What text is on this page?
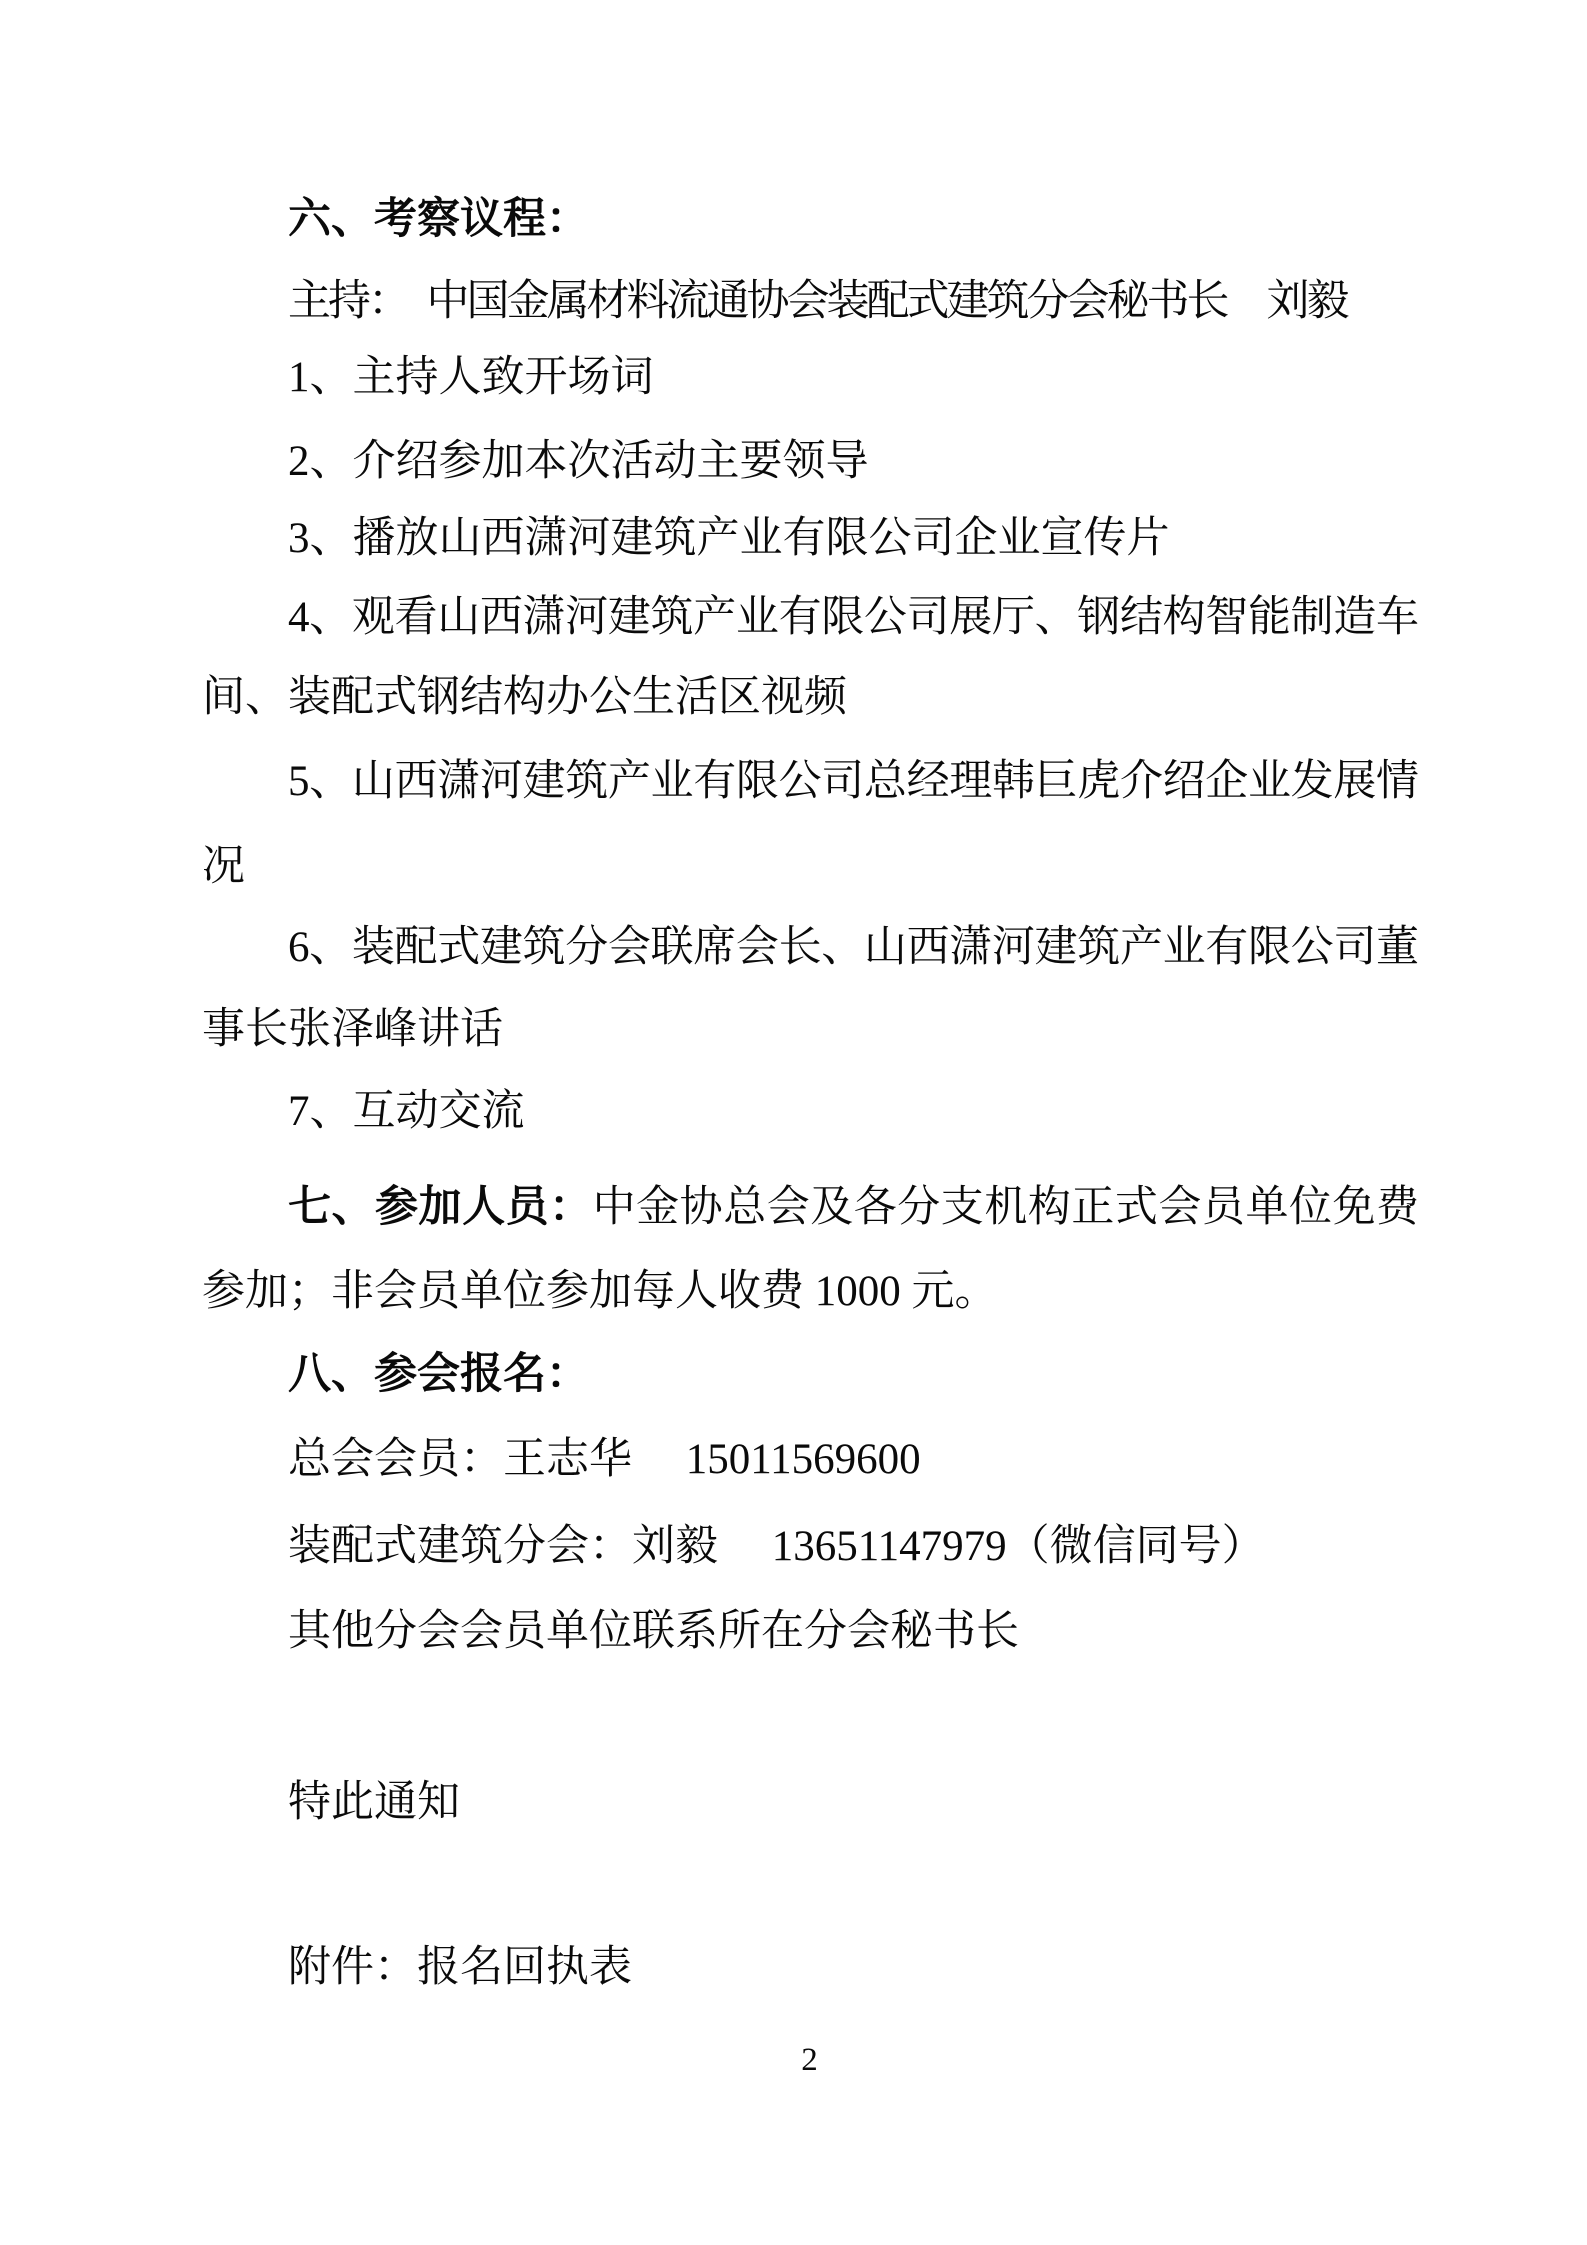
六、考察议程：
主持：　中国金属材料流通协会装配式建筑分会秘书长　刘毅
1、主持人致开场词
2、介绍参加本次活动主要领导
3、播放山西潇河建筑产业有限公司企业宣传片
4、观看山西潇河建筑产业有限公司展厅、钢结构智能制造车
间、装配式钢结构办公生活区视频
5、山西潇河建筑产业有限公司总经理韩巨虎介绍企业发展情
况
6、装配式建筑分会联席会长、山西潇河建筑产业有限公司董
事长张泽峰讲话
7、互动交流
七、参加人员：中金协总会及各分支机构正式会员单位免费
参加；非会员单位参加每人收费 1000 元。
八、参会报名：
总会会员：王志华　 15011569600
装配式建筑分会：刘毅　 13651147979（微信同号）
其他分会会员单位联系所在分会秘书长
特此通知
附件：报名回执表
2
